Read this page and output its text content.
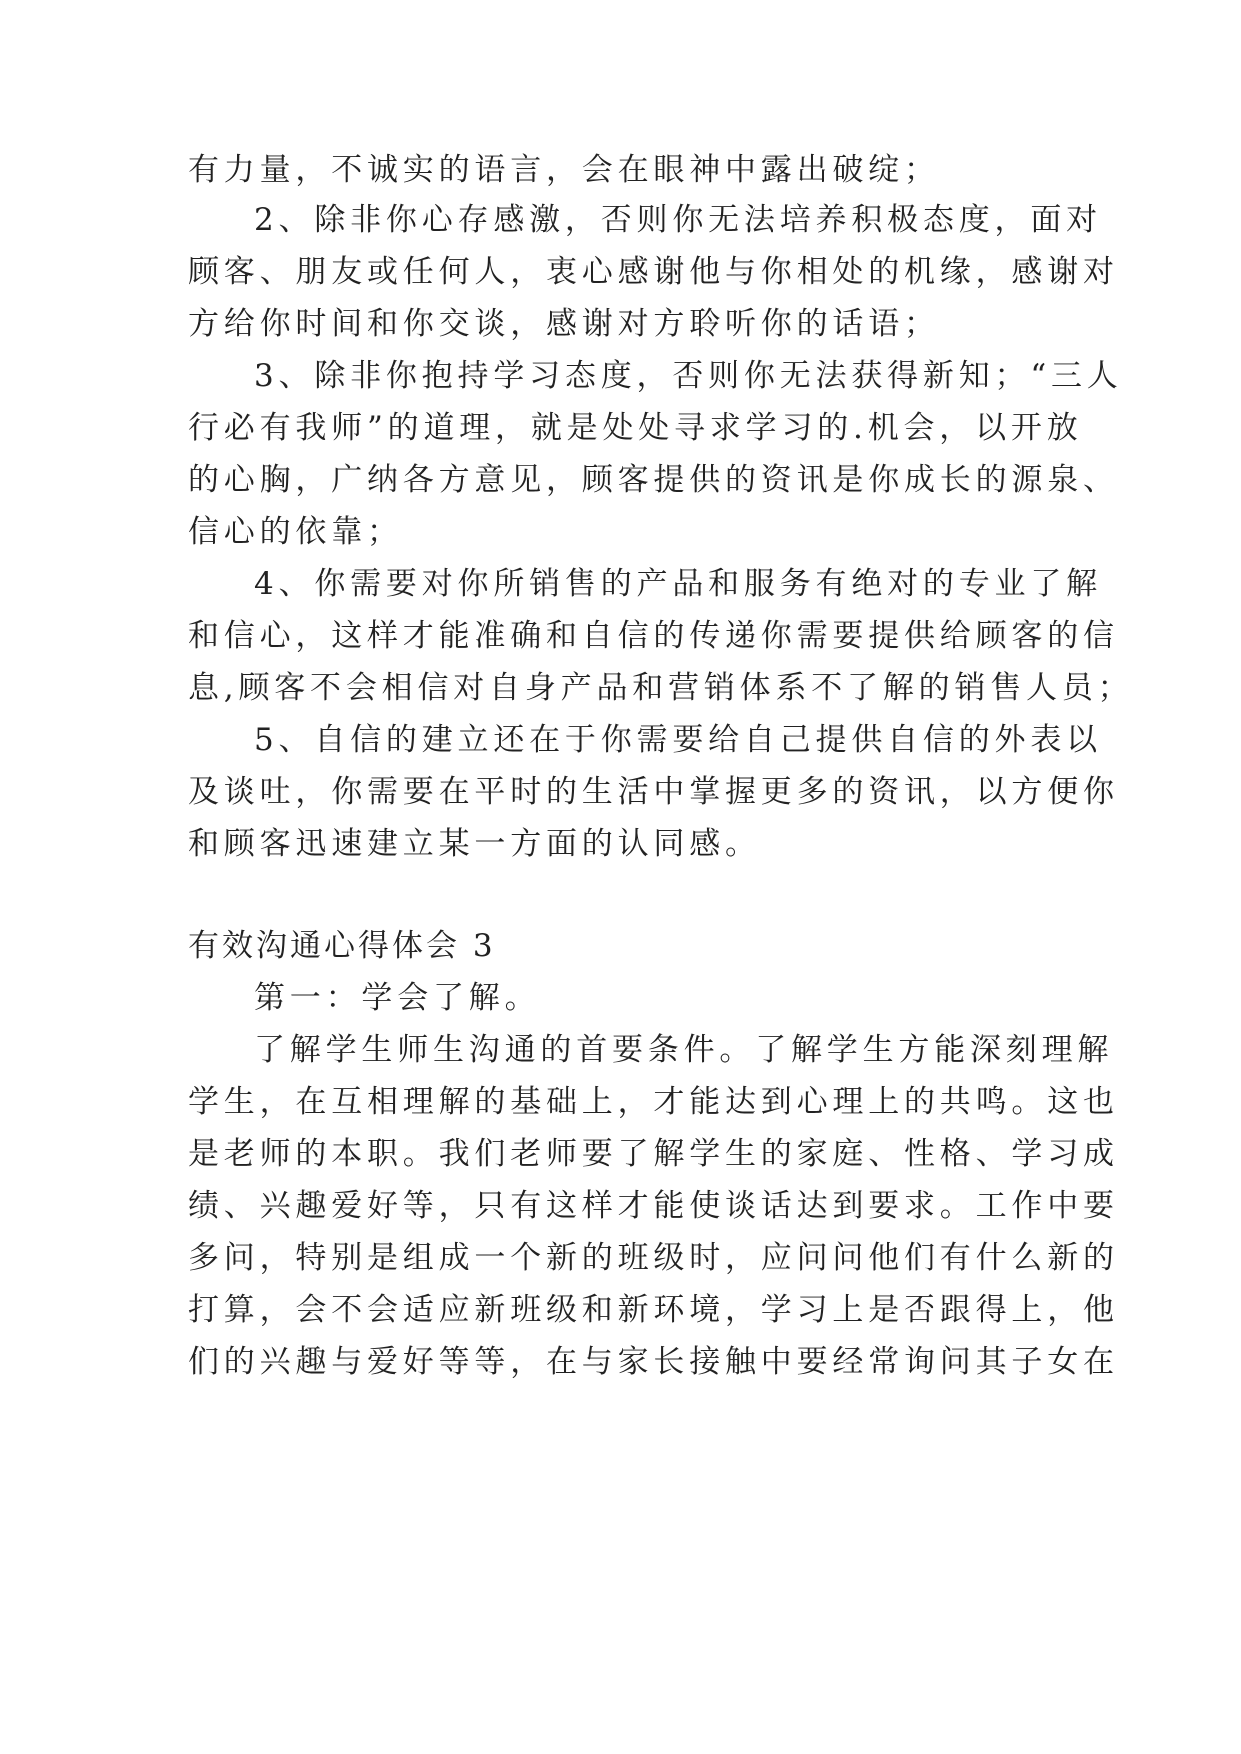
有力量，不诚实的语言，会在眼神中露出破绽；
2、除非你心存感激，否则你无法培养积极态度，面对
顾客、朋友或任何人，衷心感谢他与你相处的机缘，感谢对
方给你时间和你交谈，感谢对方聆听你的话语；
3、除非你抱持学习态度，否则你无法获得新知；“三人
行必有我师”的道理，就是处处寻求学习的.机会，以开放
的心胸，广纳各方意见，顾客提供的资讯是你成长的源泉、
信心的依靠；
4、你需要对你所销售的产品和服务有绝对的专业了解
和信心，这样才能准确和自信的传递你需要提供给顾客的信
息,顾客不会相信对自身产品和营销体系不了解的销售人员；
5、自信的建立还在于你需要给自己提供自信的外表以
及谈吐，你需要在平时的生活中掌握更多的资讯，以方便你
和顾客迅速建立某一方面的认同感。
有效沟通心得体会 3
第一：学会了解。
了解学生师生沟通的首要条件。了解学生方能深刻理解
学生，在互相理解的基础上，才能达到心理上的共鸣。这也
是老师的本职。我们老师要了解学生的家庭、性格、学习成
绩、兴趣爱好等，只有这样才能使谈话达到要求。工作中要
多问，特别是组成一个新的班级时，应问问他们有什么新的
打算，会不会适应新班级和新环境，学习上是否跟得上，他
们的兴趣与爱好等等，在与家长接触中要经常询问其子女在
